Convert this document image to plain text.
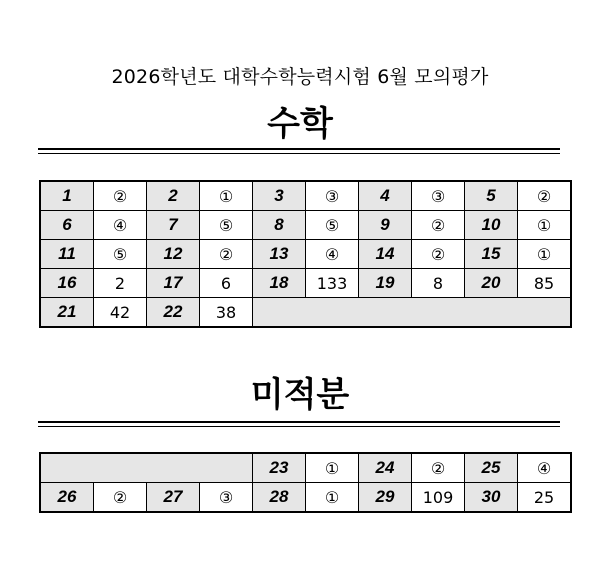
2026학년도 대학수학능력시험 6월 모의평가
수학
1	②	2	①	3	③	4	③	5	②
6	④	7	⑤	8	⑤	9	②	10	①
11	⑤	12	②	13	④	14	②	15	①
16	2	17	6	18	133	19	8	20	85
21	42	22	38						
미적분
				23	①	24	②	25	④
26	②	27	③	28	①	29	109	30	25
